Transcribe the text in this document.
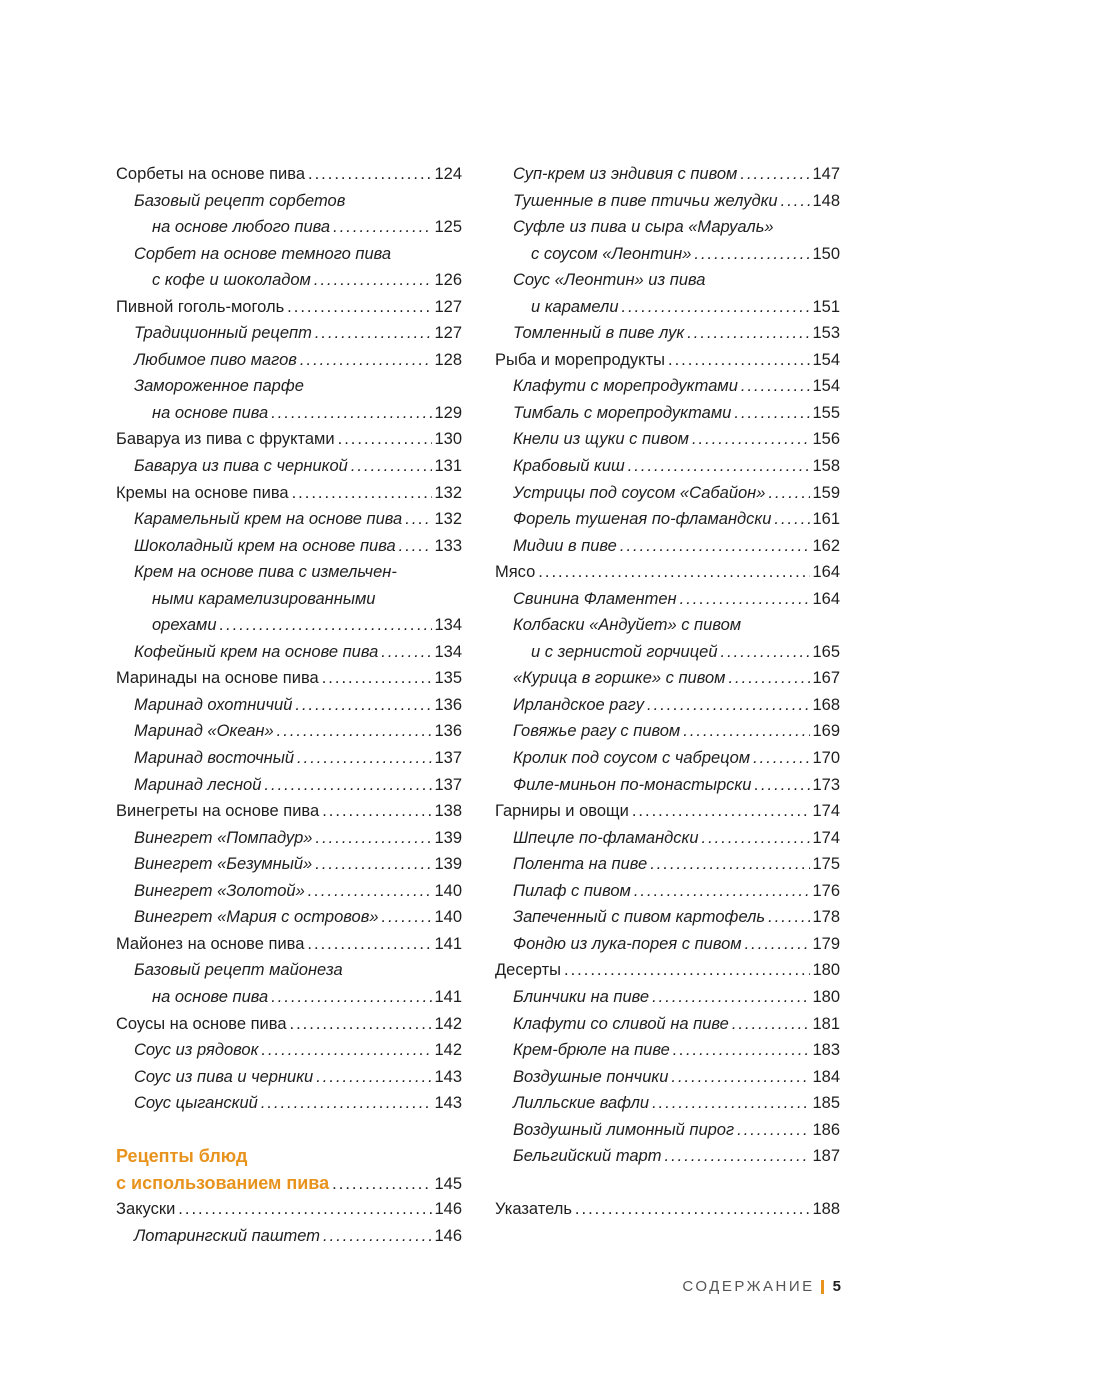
Сорбеты на основе пива .....	124
Базовый рецепт сорбетов
на основе любого пива .....	125
Сорбет на основе темного пива
с кофе и шоколадом .....	126
Пивной гоголь-моголь .....	127
Традиционный рецепт .....	127
Любимое пиво магов .....	128
Замороженное парфе
на основе пива .....	129
Баваруа из пива с фруктами .....	130
Баваруа из пива с черникой .....	131
Кремы на основе пива .....	132
Карамельный крем на основе пива ..... 132
Шоколадный крем на основе пива ..... 133
Крем на основе пива с измельчен-
ными карамелизированными
орехами .....	134
Кофейный крем на основе пива .....	134
Маринады на основе пива .....	135
Маринад охотничий .....	136
Маринад «Океан» .....	136
Маринад восточный .....	137
Маринад лесной .....	137
Винегреты на основе пива .....	138
Винегрет «Помпадур» .....	139
Винегрет «Безумный» .....	139
Винегрет «Золотой» .....	140
Винегрет «Мария с островов» .....	140
Майонез на основе пива .....	141
Базовый рецепт майонеза
на основе пива .....	141
Соусы на основе пива .....	142
Соус из рядовок .....	142
Соус из пива и черники .....	143
Соус цыганский .....	143
Рецепты блюд
с использованием пива .....	145
Закуски .....	146
Лотарингский паштет .....	146
Суп-крем из эндивия с пивом .....	147
Тушенные в пиве птичьи желудки ..... 148
Суфле из пива и сыра «Маруаль»
с соусом «Леонтин» .....	150
Соус «Леонтин» из пива
и карамели .....	151
Томленный в пиве лук .....	153
Рыба и морепродукты .....	154
Клафути с морепродуктами .....	154
Тимбаль с морепродуктами .....	155
Кнели из щуки с пивом .....	156
Крабовый киш .....	158
Устрицы под соусом «Сабайон» .....	159
Форель тушеная по-фламандски ..... 161
Мидии в пиве .....	162
Мясо .....	164
Свинина Фламентен .....	164
Колбаски «Андуйет» с пивом
и с зернистой горчицей .....	165
«Курица в горшке» с пивом .....	167
Ирландское рагу .....	168
Говяжье рагу с пивом .....	169
Кролик под соусом с чабрецом .....	170
Филе-миньон по-монастырски .....	173
Гарниры и овощи .....	174
Шпецле по-фламандски .....	174
Полента на пиве .....	175
Пилаф с пивом .....	176
Запеченный с пивом картофель .....	178
Фондю из лука-порея с пивом .....	179
Десерты .....	180
Блинчики на пиве .....	180
Клафути со сливой на пиве .....	181
Крем-брюле на пиве .....	183
Воздушные пончики .....	184
Лилльские вафли .....	185
Воздушный лимонный пирог .....	186
Бельгийский тарт .....	187
Указатель .....	188
СОДЕРЖАНИЕ 5
